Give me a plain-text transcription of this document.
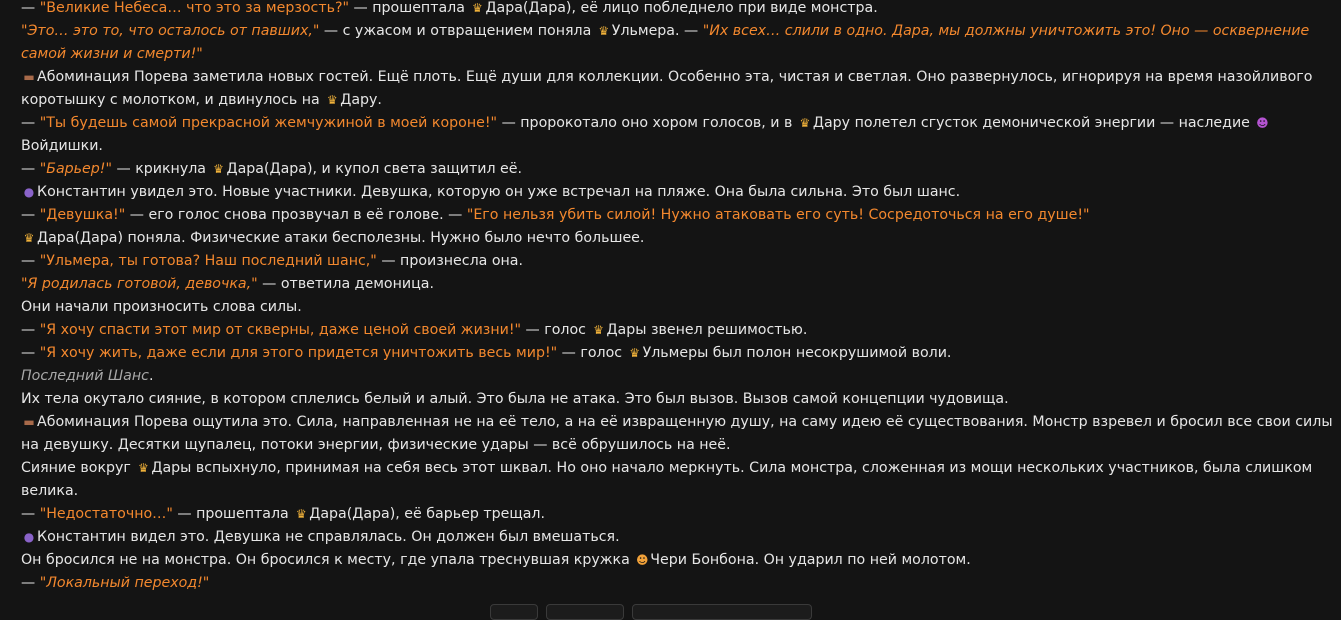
— "Великие Небеса… что это за мерзость?" — прошептала ♛ Дара(Дара), её лицо побледнело при виде монстра.

"Это… это то, что осталось от павших," — с ужасом и отвращением поняла ♛ Ульмера. — "Их всех… слили в одно. Дара, мы должны уничтожить это! Оно — осквернение самой жизни и смерти!"

▬ Абоминация Порева заметила новых гостей. Ещё плоть. Ещё души для коллекции. Особенно эта, чистая и светлая. Оно развернулось, игнорируя на время назойливого коротышку с молотком, и двинулось на ♛ Дару.

— "Ты будешь самой прекрасной жемчужиной в моей короне!" — пророкотало оно хором голосов, и в ♛ Дару полетел сгусток демонической энергии — наследие ☻
Войдишки.

— "Барьер!" — крикнула ♛ Дара(Дара), и купол света защитил её.

● Константин увидел это. Новые участники. Девушка, которую он уже встречал на пляже. Она была сильна. Это был шанс.

— "Девушка!" — его голос снова прозвучал в её голове. — "Его нельзя убить силой! Нужно атаковать его суть! Сосредоточься на его душе!"

♛ Дара(Дара) поняла. Физические атаки бесполезны. Нужно было нечто большее.

— "Ульмера, ты готова? Наш последний шанс," — произнесла она.

"Я родилась готовой, девочка," — ответила демоница.

Они начали произносить слова силы.

— "Я хочу спасти этот мир от скверны, даже ценой своей жизни!" — голос ♛ Дары звенел решимостью.

— "Я хочу жить, даже если для этого придется уничтожить весь мир!" — голос ♛ Ульмеры был полон несокрушимой воли.

Последний Шанс.

Их тела окутало сияние, в котором сплелись белый и алый. Это была не атака. Это был вызов. Вызов самой концепции чудовища.

▬ Абоминация Порева ощутила это. Сила, направленная не на её тело, а на её извращенную душу, на саму идею её существования. Монстр взревел и бросил все свои силы на девушку. Десятки щупалец, потоки энергии, физические удары — всё обрушилось на неё.

Сияние вокруг ♛ Дары вспыхнуло, принимая на себя весь этот шквал. Но оно начало меркнуть. Сила монстра, сложенная из мощи нескольких участников, была слишком велика.

— "Недостаточно…" — прошептала ♛ Дара(Дара), её барьер трещал.

● Константин видел это. Девушка не справлялась. Он должен был вмешаться.

Он бросился не на монстра. Он бросился к месту, где упала треснувшая кружка ☻ Чери Бонбона. Он ударил по ней молотом.

— "Локальный переход!"
